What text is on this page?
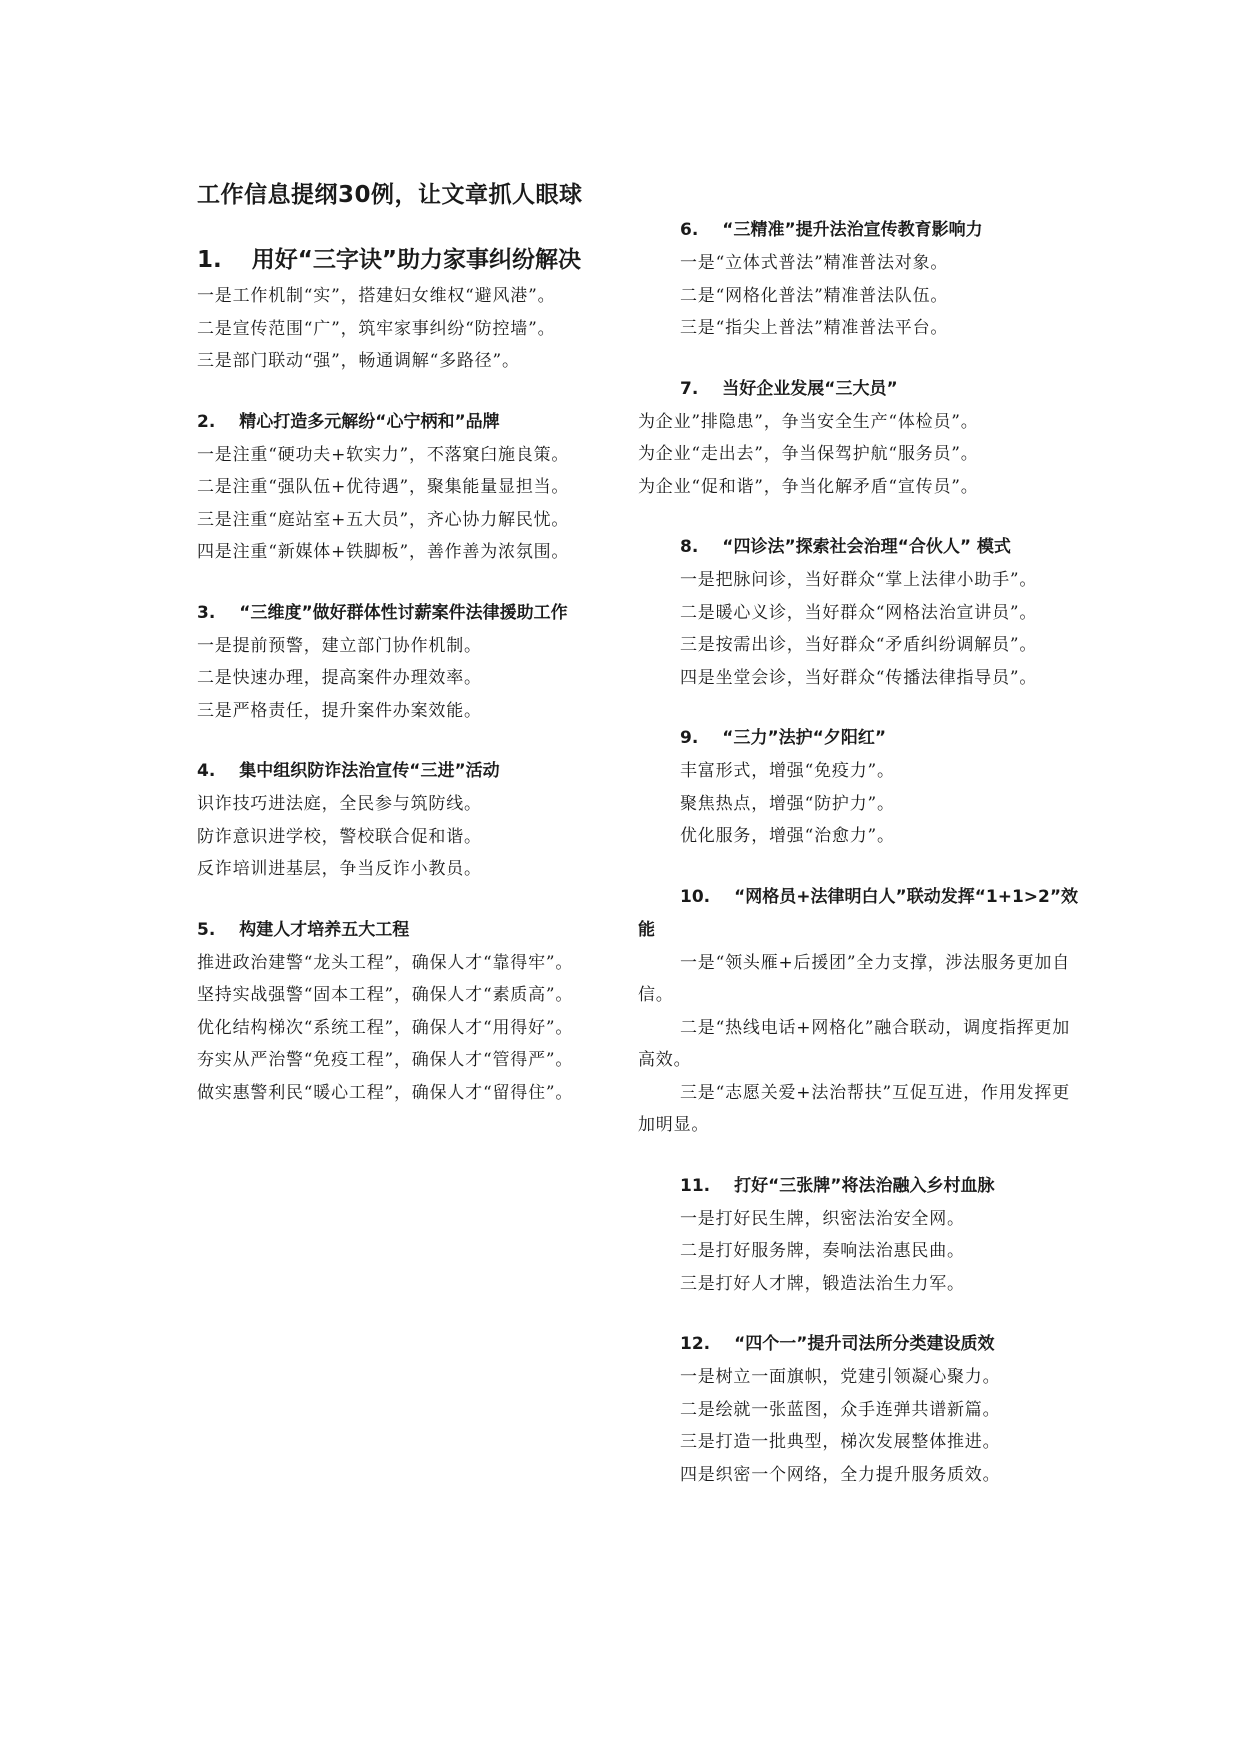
工作信息提纲30例，让文章抓人眼球
1. 用好“三字诀”助力家事纠纷解决
一是工作机制“实”，搭建妇女维权“避风港”。
二是宣传范围“广”，筑牢家事纠纷“防控墙”。
三是部门联动“强”，畅通调解“多路径”。
2. 精心打造多元解纷“心宁柄和”品牌
一是注重“硬功夫+软实力”，不落窠臼施良策。
二是注重“强队伍+优待遇”，聚集能量显担当。
三是注重“庭站室+五大员”，齐心协力解民忧。
四是注重“新媒体+铁脚板”，善作善为浓氛围。
3. “三维度”做好群体性讨薪案件法律援助工作
一是提前预警，建立部门协作机制。
二是快速办理，提高案件办理效率。
三是严格责任，提升案件办案效能。
4. 集中组织防诈法治宣传“三进”活动
识诈技巧进法庭，全民参与筑防线。
防诈意识进学校，警校联合促和谐。
反诈培训进基层，争当反诈小教员。
5. 构建人才培养五大工程
推进政治建警“龙头工程”，确保人才“靠得牢”。
坚持实战强警“固本工程”，确保人才“素质高”。
优化结构梯次“系统工程”，确保人才“用得好”。
夯实从严治警“免疫工程”，确保人才“管得严”。
做实惠警利民“暖心工程”，确保人才“留得住”。
6. “三精准”提升法治宣传教育影响力
一是“立体式普法”精准普法对象。
二是“网格化普法”精准普法队伍。
三是“指尖上普法”精准普法平台。
7. 当好企业发展“三大员”
为企业”排隐患”，争当安全生产“体检员”。
为企业“走出去”，争当保驾护航“服务员”。
为企业“促和谐”，争当化解矛盾“宣传员”。
8. “四诊法”探索社会治理“合伙人” 模式
一是把脉问诊，当好群众“掌上法律小助手”。
二是暖心义诊，当好群众“网格法治宣讲员”。
三是按需出诊，当好群众“矛盾纠纷调解员”。
四是坐堂会诊，当好群众“传播法律指导员”。
9. “三力”法护“夕阳红”
丰富形式，增强“免疫力”。
聚焦热点，增强“防护力”。
优化服务，增强“治愈力”。
10. “网格员+法律明白人”联动发挥“1+1>2”效能
一是“领头雁+后援团”全力支撑，涉法服务更加自信。
二是“热线电话+网格化”融合联动，调度指挥更加高效。
三是“志愿关爱+法治帮扶”互促互进，作用发挥更加明显。
11. 打好“三张牌”将法治融入乡村血脉
一是打好民生牌，织密法治安全网。
二是打好服务牌，奏响法治惠民曲。
三是打好人才牌，锻造法治生力军。
12. “四个一”提升司法所分类建设质效
一是树立一面旗帜，党建引领凝心聚力。
二是绘就一张蓝图，众手连弹共谱新篇。
三是打造一批典型，梯次发展整体推进。
四是织密一个网络，全力提升服务质效。
